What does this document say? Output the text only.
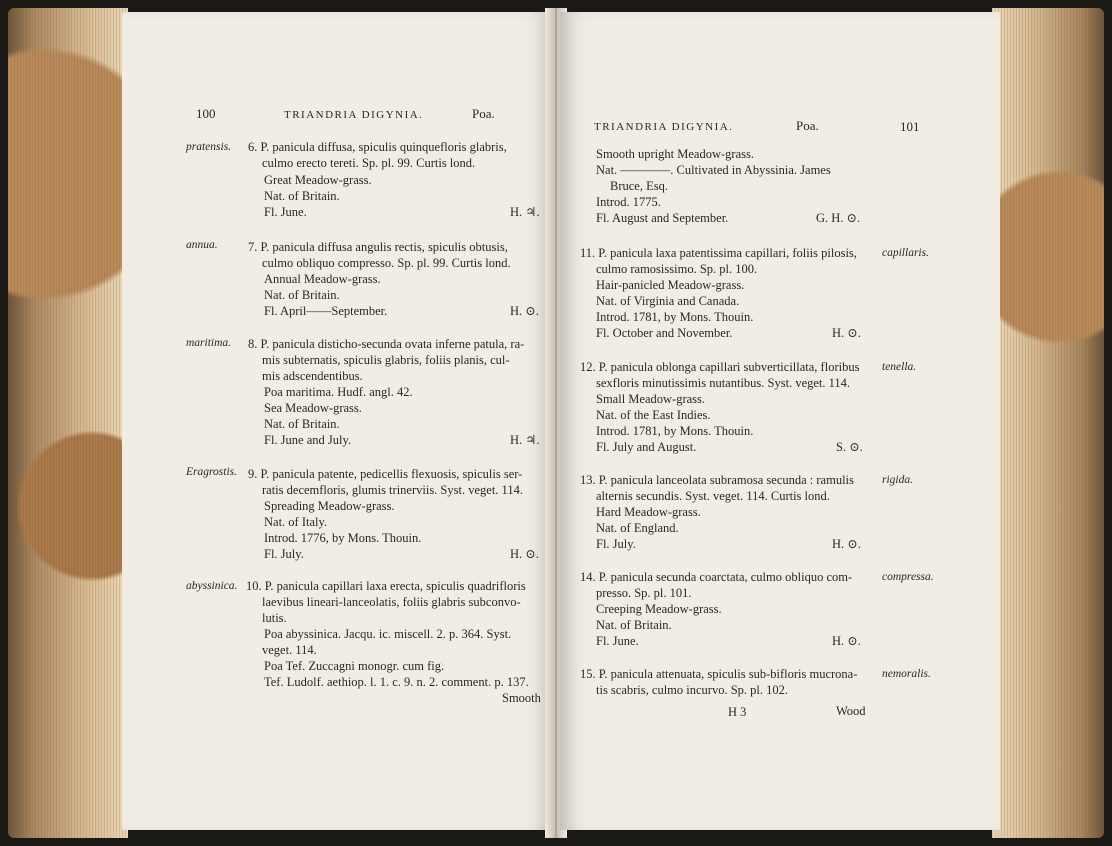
100	TRIANDRIA DIGYNIA.	Poa.
pratensis.
annua.
maritima.
Eragrostis.
abyssinica.
6. P. panicula diffusa, spiculis quinquefloris glabris,
culmo erecto tereti. Sp. pl. 99. Curtis lond.
Great Meadow-grass.
Nat. of Britain.
Fl. June.	H. ♃.
7. P. panicula diffusa angulis rectis, spiculis obtusis,
culmo obliquo compresso. Sp. pl. 99. Curtis lond.
Annual Meadow-grass.
Nat. of Britain.
Fl. April——September.	H. ⊙.
8. P. panicula disticho-secunda ovata inferne patula, ra-
mis subternatis, spiculis glabris, foliis planis, cul-
mis adscendentibus.
Poa maritima. Hudf. angl. 42.
Sea Meadow-grass.
Nat. of Britain.
Fl. June and July.	H. ♃.
9. P. panicula patente, pedicellis flexuosis, spiculis ser-
ratis decemfloris, glumis trinerviis. Syst. veget. 114.
Spreading Meadow-grass.
Nat. of Italy.
Introd. 1776, by Mons. Thouin.
Fl. July.	H. ⊙.
10. P. panicula capillari laxa erecta, spiculis quadrifloris
laevibus lineari-lanceolatis, foliis glabris subconvo-
lutis.
Poa abyssinica. Jacqu. ic. miscell. 2. p. 364. Syst.
veget. 114.
Poa Tef. Zuccagni monogr. cum fig.
Tef. Ludolf. aethiop. l. 1. c. 9. n. 2. comment. p. 137.
Smooth
TRIANDRIA DIGYNIA.	Poa.	101
Smooth upright Meadow-grass.
Nat. ————. Cultivated in Abyssinia. James
Bruce, Esq.
Introd. 1775.
Fl. August and September.	G. H. ⊙.
11. P. panicula laxa patentissima capillari, foliis pilosis,
culmo ramosissimo. Sp. pl. 100.
Hair-panicled Meadow-grass.
Nat. of Virginia and Canada.
Introd. 1781, by Mons. Thouin.
Fl. October and November.	H. ⊙.
12. P. panicula oblonga capillari subverticillata, floribus
sexfloris minutissimis nutantibus. Syst. veget. 114.
Small Meadow-grass.
Nat. of the East Indies.
Introd. 1781, by Mons. Thouin.
Fl. July and August.	S. ⊙.
13. P. panicula lanceolata subramosa secunda : ramulis
alternis secundis. Syst. veget. 114. Curtis lond.
Hard Meadow-grass.
Nat. of England.
Fl. July.	H. ⊙.
14. P. panicula secunda coarctata, culmo obliquo com-
presso. Sp. pl. 101.
Creeping Meadow-grass.
Nat. of Britain.
Fl. June.	H. ⊙.
15. P. panicula attenuata, spiculis sub-bifloris mucrona-
tis scabris, culmo incurvo. Sp. pl. 102.
H 3	Wood
capillaris.
tenella.
rigida.
compressa.
nemoralis.
